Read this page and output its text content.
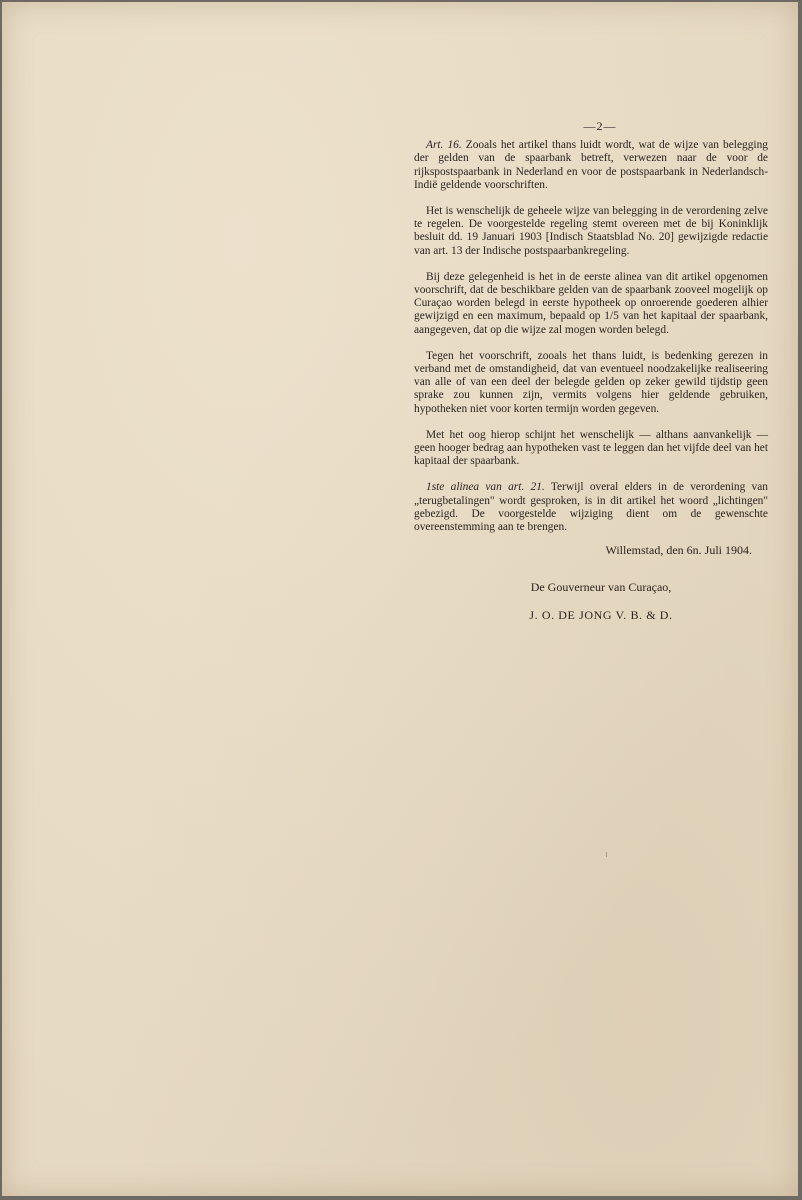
—2—

Art. 16. Zooals het artikel thans luidt wordt, wat de wijze van belegging der gelden van de spaarbank betreft, verwezen naar de voor de rijkspostspaarbank in Nederland en voor de postspaarbank in Nederlandsch-Indië geldende voorschriften.

Het is wenschelijk de geheele wijze van belegging in de verordening zelve te regelen. De voorgestelde regeling stemt overeen met de bij Koninklijk besluit dd. 19 Januari 1903 [Indisch Staatsblad No. 20] gewijzigde redactie van art. 13 der Indische postspaarbankregeling.

Bij deze gelegenheid is het in de eerste alinea van dit artikel opgenomen voorschrift, dat de beschikbare gelden van de spaarbank zooveel mogelijk op Curaçao worden belegd in eerste hypotheek op onroerende goederen alhier gewijzigd en een maximum, bepaald op 1/5 van het kapitaal der spaarbank, aangegeven, dat op die wijze zal mogen worden belegd.

Tegen het voorschrift, zooals het thans luidt, is bedenking gerezen in verband met de omstandigheid, dat van eventueel noodzakelijke realiseering van alle of van een deel der belegde gelden op zeker gewild tijdstip geen sprake zou kunnen zijn, vermits volgens hier geldende gebruiken, hypotheken niet voor korten termijn worden gegeven.

Met het oog hierop schijnt het wenschelijk — althans aanvankelijk — geen hooger bedrag aan hypotheken vast te leggen dan het vijfde deel van het kapitaal der spaarbank.

1ste alinea van art. 21. Terwijl overal elders in de verordening van „terugbetalingen" wordt gesproken, is in dit artikel het woord „lichtingen" gebezigd. De voorgestelde wijziging dient om de gewenschte overeenstemming aan te brengen.

Willemstad, den 6n. Juli 1904.
De Gouverneur van Curaçao,
J. O. DE JONG V. B. & D.
